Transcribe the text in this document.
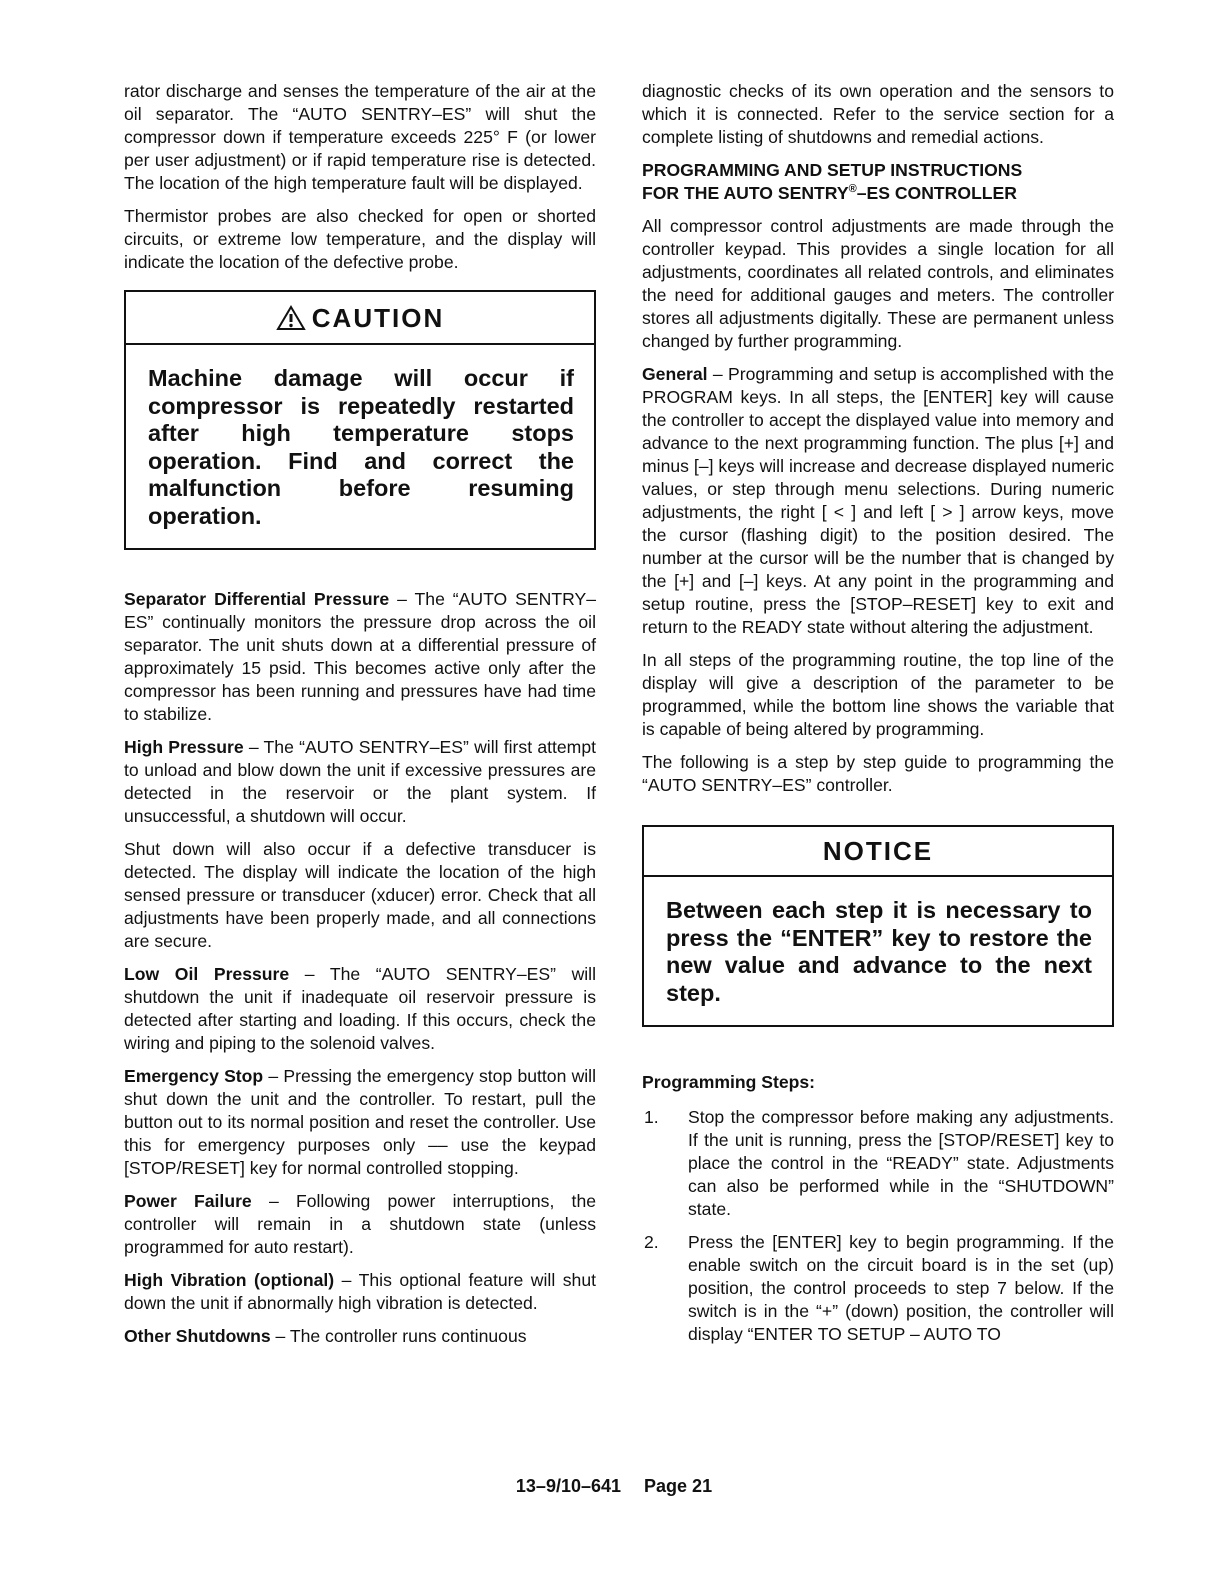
rator discharge and senses the temperature of the air at the oil separator. The “AUTO SENTRY–ES” will shut the compressor down if temperature exceeds 225° F (or lower per user adjustment) or if rapid temperature rise is detected. The location of the high temperature fault will be displayed.

Thermistor probes are also checked for open or shorted circuits, or extreme low temperature, and the display will indicate the location of the defective probe.

CAUTION
Machine damage will occur if compressor is repeatedly restarted after high temperature stops operation. Find and correct the malfunction before resuming operation.

Separator Differential Pressure – The “AUTO SENTRY–ES” continually monitors the pressure drop across the oil separator. The unit shuts down at a differential pressure of approximately 15 psid. This becomes active only after the compressor has been running and pressures have had time to stabilize.

High Pressure – The “AUTO SENTRY–ES” will first attempt to unload and blow down the unit if excessive pressures are detected in the reservoir or the plant system. If unsuccessful, a shutdown will occur.

Shut down will also occur if a defective transducer is detected. The display will indicate the location of the high sensed pressure or transducer (xducer) error. Check that all adjustments have been properly made, and all connections are secure.

Low Oil Pressure – The “AUTO SENTRY–ES” will shutdown the unit if inadequate oil reservoir pressure is detected after starting and loading. If this occurs, check the wiring and piping to the solenoid valves.

Emergency Stop – Pressing the emergency stop button will shut down the unit and the controller. To restart, pull the button out to its normal position and reset the controller. Use this for emergency purposes only –– use the keypad [STOP/RESET] key for normal controlled stopping.

Power Failure – Following power interruptions, the controller will remain in a shutdown state (unless programmed for auto restart).

High Vibration (optional) – This optional feature will shut down the unit if abnormally high vibration is detected.

Other Shutdowns – The controller runs continuous

diagnostic checks of its own operation and the sensors to which it is connected. Refer to the service section for a complete listing of shutdowns and remedial actions.

PROGRAMMING AND SETUP INSTRUCTIONS
FOR THE AUTO SENTRY®–ES CONTROLLER

All compressor control adjustments are made through the controller keypad. This provides a single location for all adjustments, coordinates all related controls, and eliminates the need for additional gauges and meters. The controller stores all adjustments digitally. These are permanent unless changed by further programming.

General – Programming and setup is accomplished with the PROGRAM keys. In all steps, the [ENTER] key will cause the controller to accept the displayed value into memory and advance to the next programming function. The plus [+] and minus [–] keys will increase and decrease displayed numeric values, or step through menu selections. During numeric adjustments, the right [ < ] and left [ > ] arrow keys, move the cursor (flashing digit) to the position desired. The number at the cursor will be the number that is changed by the [+] and [–] keys. At any point in the programming and setup routine, press the [STOP–RESET] key to exit and return to the READY state without altering the adjustment.

In all steps of the programming routine, the top line of the display will give a description of the parameter to be programmed, while the bottom line shows the variable that is capable of being altered by programming.

The following is a step by step guide to programming the “AUTO SENTRY–ES” controller.

NOTICE
Between each step it is necessary to press the “ENTER” key to restore the new value and advance to the next step.
Programming Steps:
1.	Stop the compressor before making any adjustments. If the unit is running, press the [STOP/RESET] key to place the control in the “READY” state. Adjustments can also be performed while in the “SHUTDOWN” state.
2.	Press the [ENTER] key to begin programming. If the enable switch on the circuit board is in the set (up) position, the control proceeds to step 7 below. If the switch is in the “+” (down) position, the controller will display “ENTER TO SETUP – AUTO TO
13–9/10–641 Page 21
